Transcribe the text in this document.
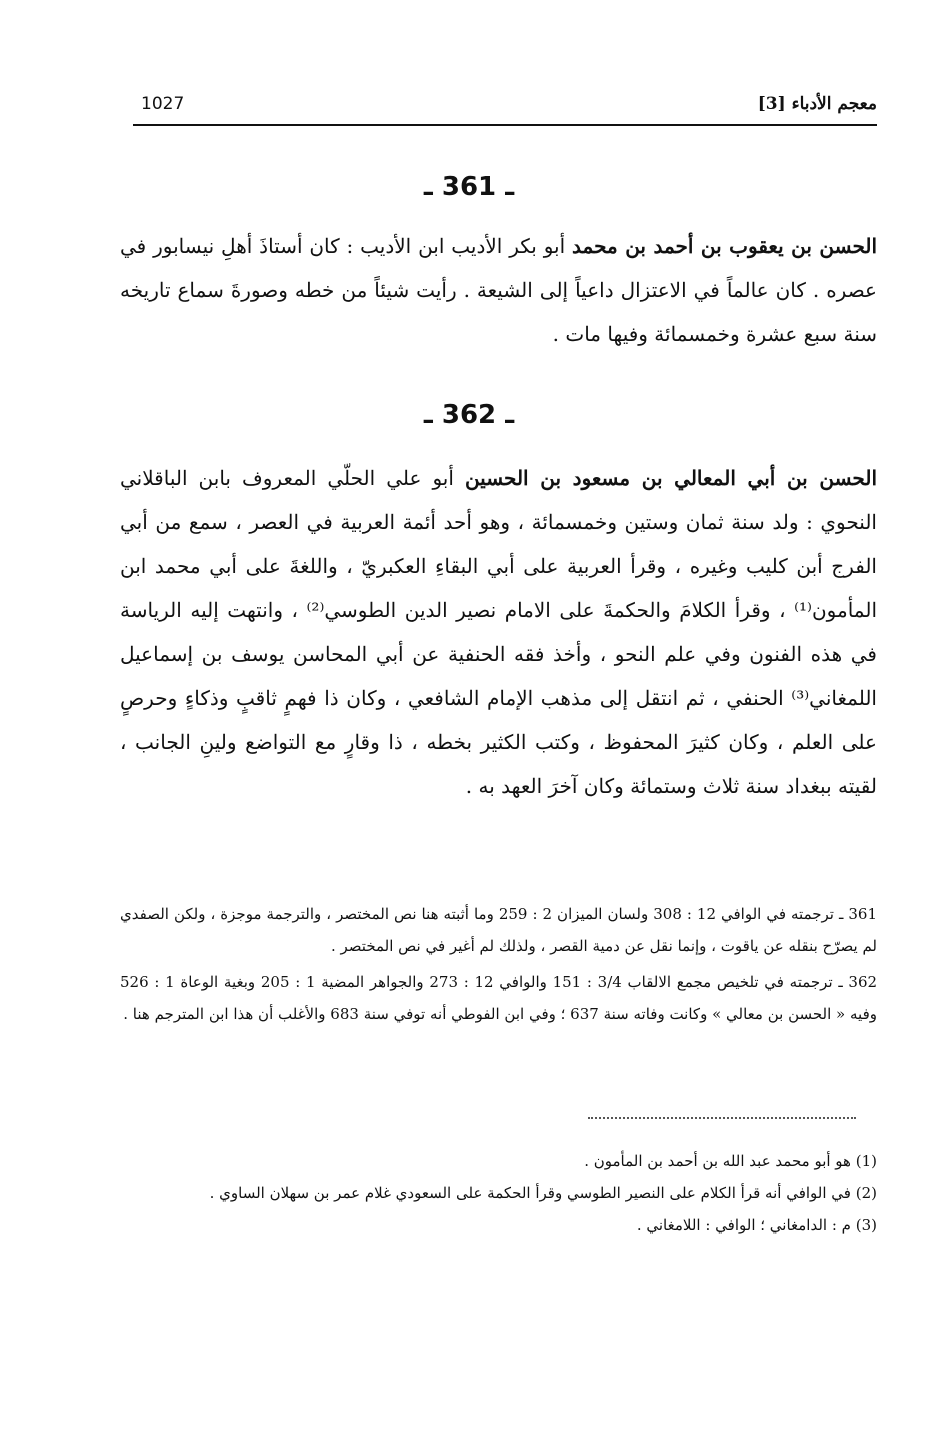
1027	معجم الأدباء [3]
ـ 361 ـ
الحسن بن يعقوب بن أحمد بن محمد أبو بكر الأديب ابن الأديب : كان أستاذَ أهلِ نيسابور في عصره . كان عالماً في الاعتزال داعياً إلى الشيعة . رأيت شيئاً من خطه وصورةَ سماع تاريخه سنة سبع عشرة وخمسمائة وفيها مات .
ـ 362 ـ
الحسن بن أبي المعالي بن مسعود بن الحسين أبو علي الحلّي المعروف بابن الباقلاني النحوي : ولد سنة ثمان وستين وخمسمائة ، وهو أحد أئمة العربية في العصر ، سمع من أبي الفرج أبن كليب وغيره ، وقرأ العربية على أبي البقاءِ العكبريّ ، واللغةَ على أبي محمد ابن المأمون⁽¹⁾ ، وقرأ الكلامَ والحكمةَ على الامام نصير الدين الطوسي⁽²⁾ ، وانتهت إليه الرياسة في هذه الفنون وفي علم النحو ، وأخذ فقه الحنفية عن أبي المحاسن يوسف بن إسماعيل اللمغاني⁽³⁾ الحنفي ، ثم انتقل إلى مذهب الإمام الشافعي ، وكان ذا فهمٍ ثاقبٍ وذكاءٍ وحرصٍ على العلم ، وكان كثيرَ المحفوظ ، وكتب الكثير بخطه ، ذا وقارٍ مع التواضع ولينِ الجانب ، لقيته ببغداد سنة ثلاث وستمائة وكان آخرَ العهد به .

361 ـ ترجمته في الوافي 12 : 308 ولسان الميزان 2 : 259 وما أثبته هنا نص المختصر ، والترجمة موجزة ، ولكن الصفدي لم يصرّح بنقله عن ياقوت ، وإنما نقل عن دمية القصر ، ولذلك لم أغير في نص المختصر .

362 ـ ترجمته في تلخيص مجمع الالقاب 3/4 : 151 والوافي 12 : 273 والجواهر المضية 1 : 205 وبغية الوعاة 1 : 526 وفيه « الحسن بن معالي » وكانت وفاته سنة 637 ؛ وفي ابن الفوطي أنه توفي سنة 683 والأغلب أن هذا ابن المترجم هنا .

(1) هو أبو محمد عبد الله بن أحمد بن المأمون .

(2) في الوافي أنه قرأ الكلام على النصير الطوسي وقرأ الحكمة على السعودي غلام عمر بن سهلان الساوي .

(3) م : الدامغاني ؛ الوافي : اللامغاني .
